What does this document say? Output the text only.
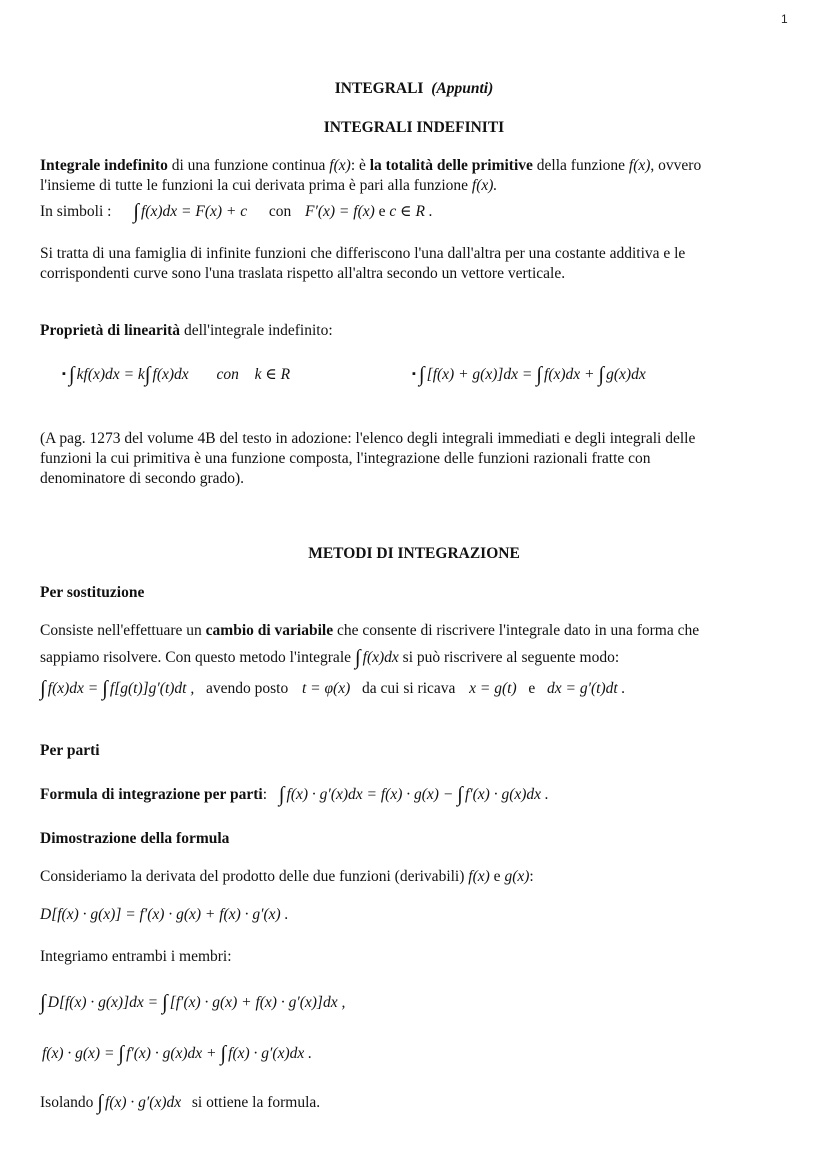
1
INTEGRALI (Appunti)
INTEGRALI INDEFINITI
Integrale indefinito di una funzione continua f(x): è la totalità delle primitive della funzione f(x), ovvero
l'insieme di tutte le funzioni la cui derivata prima è pari alla funzione f(x).
In simboli : ∫ f(x)dx = F(x) + c con F′(x) = f(x) e c ∈ R .
Si tratta di una famiglia di infinite funzioni che differiscono l'una dall'altra per una costante additiva e le
corrispondenti curve sono l'una traslata rispetto all'altra secondo un vettore verticale.
Proprietà di linearità dell'integrale indefinito:
▪ ∫ kf(x)dx = k∫ f(x)dx con k ∈ R	▪ ∫ [f(x) + g(x)]dx = ∫ f(x)dx + ∫ g(x)dx
(A pag. 1273 del volume 4B del testo in adozione: l'elenco degli integrali immediati e degli integrali delle
funzioni la cui primitiva è una funzione composta, l'integrazione delle funzioni razionali fratte con
denominatore di secondo grado).
METODI DI INTEGRAZIONE
Per sostituzione
Consiste nell'effettuare un cambio di variabile che consente di riscrivere l'integrale dato in una forma che
sappiamo risolvere. Con questo metodo l'integrale ∫ f(x)dx si può riscrivere al seguente modo:
∫ f(x)dx = ∫ f[g(t)]g′(t)dt , avendo posto t = φ(x) da cui si ricava x = g(t) e dx = g′(t)dt .
Per parti
Formula di integrazione per parti:  ∫ f(x) · g′(x)dx = f(x) · g(x) − ∫ f′(x) · g(x)dx .
Dimostrazione della formula
Consideriamo la derivata del prodotto delle due funzioni (derivabili) f(x) e g(x):
D[f(x) · g(x)] = f′(x) · g(x) + f(x) · g′(x) .
Integriamo entrambi i membri:
∫ D[f(x) · g(x)]dx = ∫ [f′(x) · g(x) + f(x) · g′(x)]dx ,
f(x) · g(x) = ∫ f′(x) · g(x)dx + ∫ f(x) · g′(x)dx .
Isolando ∫ f(x) · g′(x)dx si ottiene la formula.
